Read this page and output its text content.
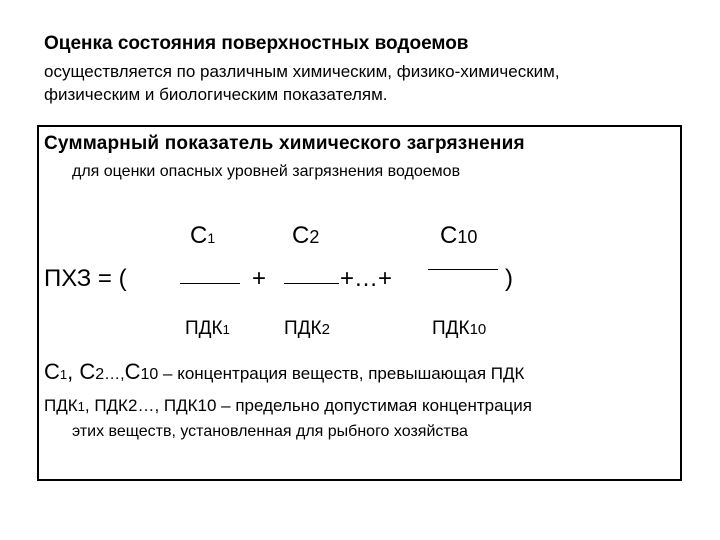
Оценка состояния поверхностных водоемов
осуществляется по различным химическим, физико-химическим,
физическим и биологическим показателям.
Суммарный показатель химического загрязнения
для оценки опасных уровней загрязнения водоемов
С1	С2	С10
ПХЗ = (	+	+…+	)
ПДК1	ПДК2	ПДК10
С1, С2…,С10 – концентрация веществ, превышающая ПДК
ПДК1, ПДК2…, ПДК10 – предельно допустимая концентрация
этих веществ, установленная для рыбного хозяйства
